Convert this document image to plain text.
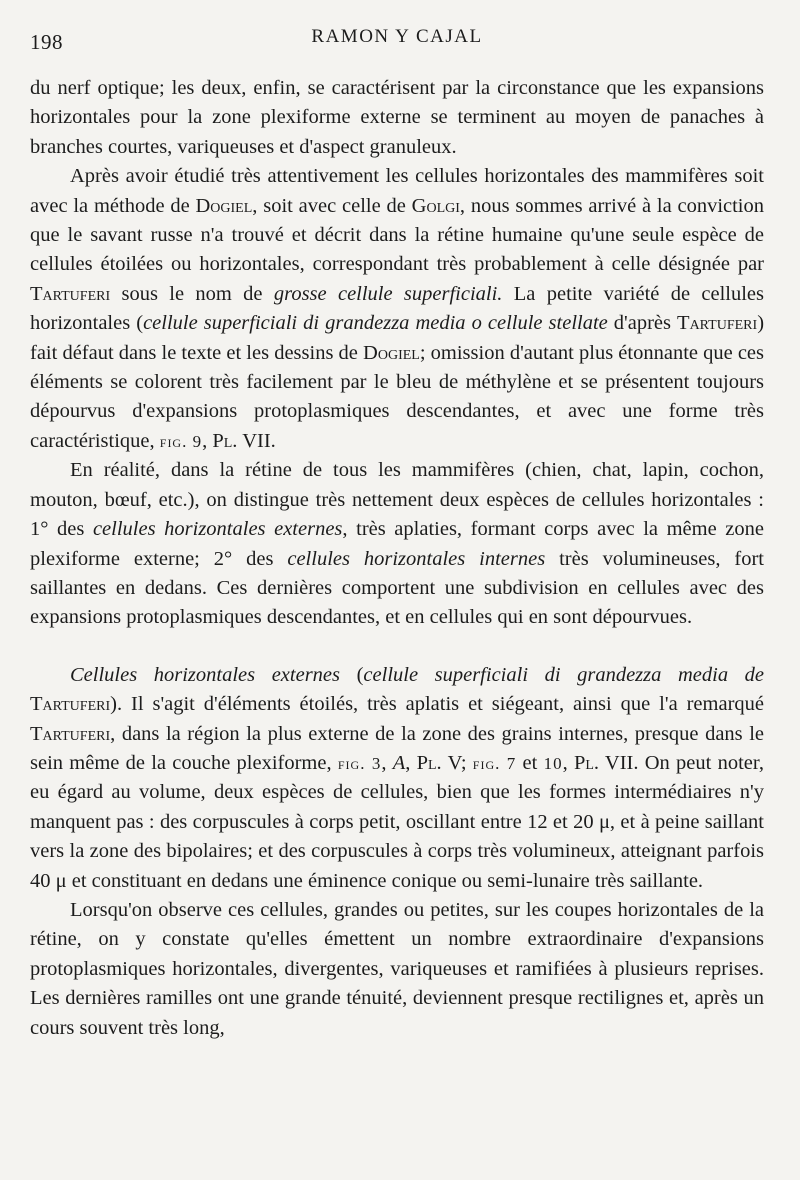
198	RAMON Y CAJAL

du nerf optique; les deux, enfin, se caractérisent par la circonstance que les expansions horizontales pour la zone plexiforme externe se terminent au moyen de panaches à branches courtes, variqueuses et d'aspect granuleux.

Après avoir étudié très attentivement les cellules horizontales des mammifères soit avec la méthode de Dogiel, soit avec celle de Golgi, nous sommes arrivé à la conviction que le savant russe n'a trouvé et décrit dans la rétine humaine qu'une seule espèce de cellules étoilées ou horizontales, correspondant très probablement à celle désignée par Tartuferi sous le nom de grosse cellule superficiali. La petite variété de cellules horizontales (cellule superficiali di grandezza media o cellule stellate d'après Tartuferi) fait défaut dans le texte et les dessins de Dogiel; omission d'autant plus étonnante que ces éléments se colorent très facilement par le bleu de méthylène et se présentent toujours dépourvus d'expansions protoplasmiques descendantes, et avec une forme très caractéristique, fig. 9, Pl. VII.

En réalité, dans la rétine de tous les mammifères (chien, chat, lapin, cochon, mouton, bœuf, etc.), on distingue très nettement deux espèces de cellules horizontales : 1° des cellules horizontales externes, très aplaties, formant corps avec la même zone plexiforme externe; 2° des cellules horizontales internes très volumineuses, fort saillantes en dedans. Ces dernières comportent une subdivision en cellules avec des expansions protoplasmiques descendantes, et en cellules qui en sont dépourvues.

Cellules horizontales externes (cellule superficiali di grandezza media de Tartuferi). Il s'agit d'éléments étoilés, très aplatis et siégeant, ainsi que l'a remarqué Tartuferi, dans la région la plus externe de la zone des grains internes, presque dans le sein même de la couche plexiforme, fig. 3, A, Pl. V; fig. 7 et 10, Pl. VII. On peut noter, eu égard au volume, deux espèces de cellules, bien que les formes intermédiaires n'y manquent pas : des corpuscules à corps petit, oscillant entre 12 et 20 μ, et à peine saillant vers la zone des bipolaires; et des corpuscules à corps très volumineux, atteignant parfois 40 μ et constituant en dedans une éminence conique ou semi-lunaire très saillante.

Lorsqu'on observe ces cellules, grandes ou petites, sur les coupes horizontales de la rétine, on y constate qu'elles émettent un nombre extraordinaire d'expansions protoplasmiques horizontales, divergentes, variqueuses et ramifiées à plusieurs reprises. Les dernières ramilles ont une grande ténuité, deviennent presque rectilignes et, après un cours souvent très long,
